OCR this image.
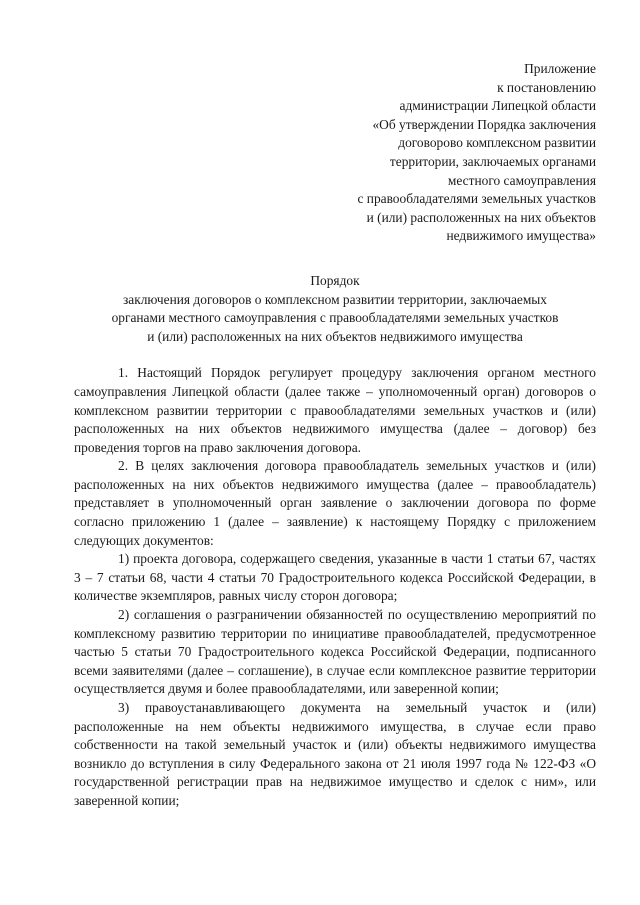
Приложение
к постановлению
администрации Липецкой области
«Об утверждении Порядка заключения
договоровo комплексном развитии
территории, заключаемых органами
местного самоуправления
с правообладателями земельных участков
и (или) расположенных на них объектов
недвижимого имущества»
Порядок
заключения договоров о комплексном развитии территории, заключаемых
органами местного самоуправления с правообладателями земельных участков
и (или) расположенных на них объектов недвижимого имущества

1. Настоящий Порядок регулирует процедуру заключения органом местного самоуправления Липецкой области (далее также – уполномоченный орган) договоров о комплексном развитии территории с правообладателями земельных участков и (или) расположенных на них объектов недвижимого имущества (далее – договор) без проведения торгов на право заключения договора.

2. В целях заключения договора правообладатель земельных участков и (или) расположенных на них объектов недвижимого имущества (далее – правообладатель) представляет в уполномоченный орган заявление о заключении договора по форме согласно приложению 1 (далее – заявление) к настоящему Порядку с приложением следующих документов:

1) проекта договора, содержащего сведения, указанные в части 1 статьи 67, частях 3 – 7 статьи 68, части 4 статьи 70 Градостроительного кодекса Российской Федерации, в количестве экземпляров, равных числу сторон договора;

2) соглашения о разграничении обязанностей по осуществлению мероприятий по комплексному развитию территории по инициативе правообладателей, предусмотренное частью 5 статьи 70 Градостроительного кодекса Российской Федерации, подписанного всеми заявителями (далее – соглашение), в случае если комплексное развитие территории осуществляется двумя и более правообладателями, или заверенной копии;

3) правоустанавливающего документа на земельный участок и (или) расположенные на нем объекты недвижимого имущества, в случае если право собственности на такой земельный участок и (или) объекты недвижимого имущества возникло до вступления в силу Федерального закона от 21 июля 1997 года № 122-ФЗ «О государственной регистрации прав на недвижимое имущество и сделок с ним», или заверенной копии;
